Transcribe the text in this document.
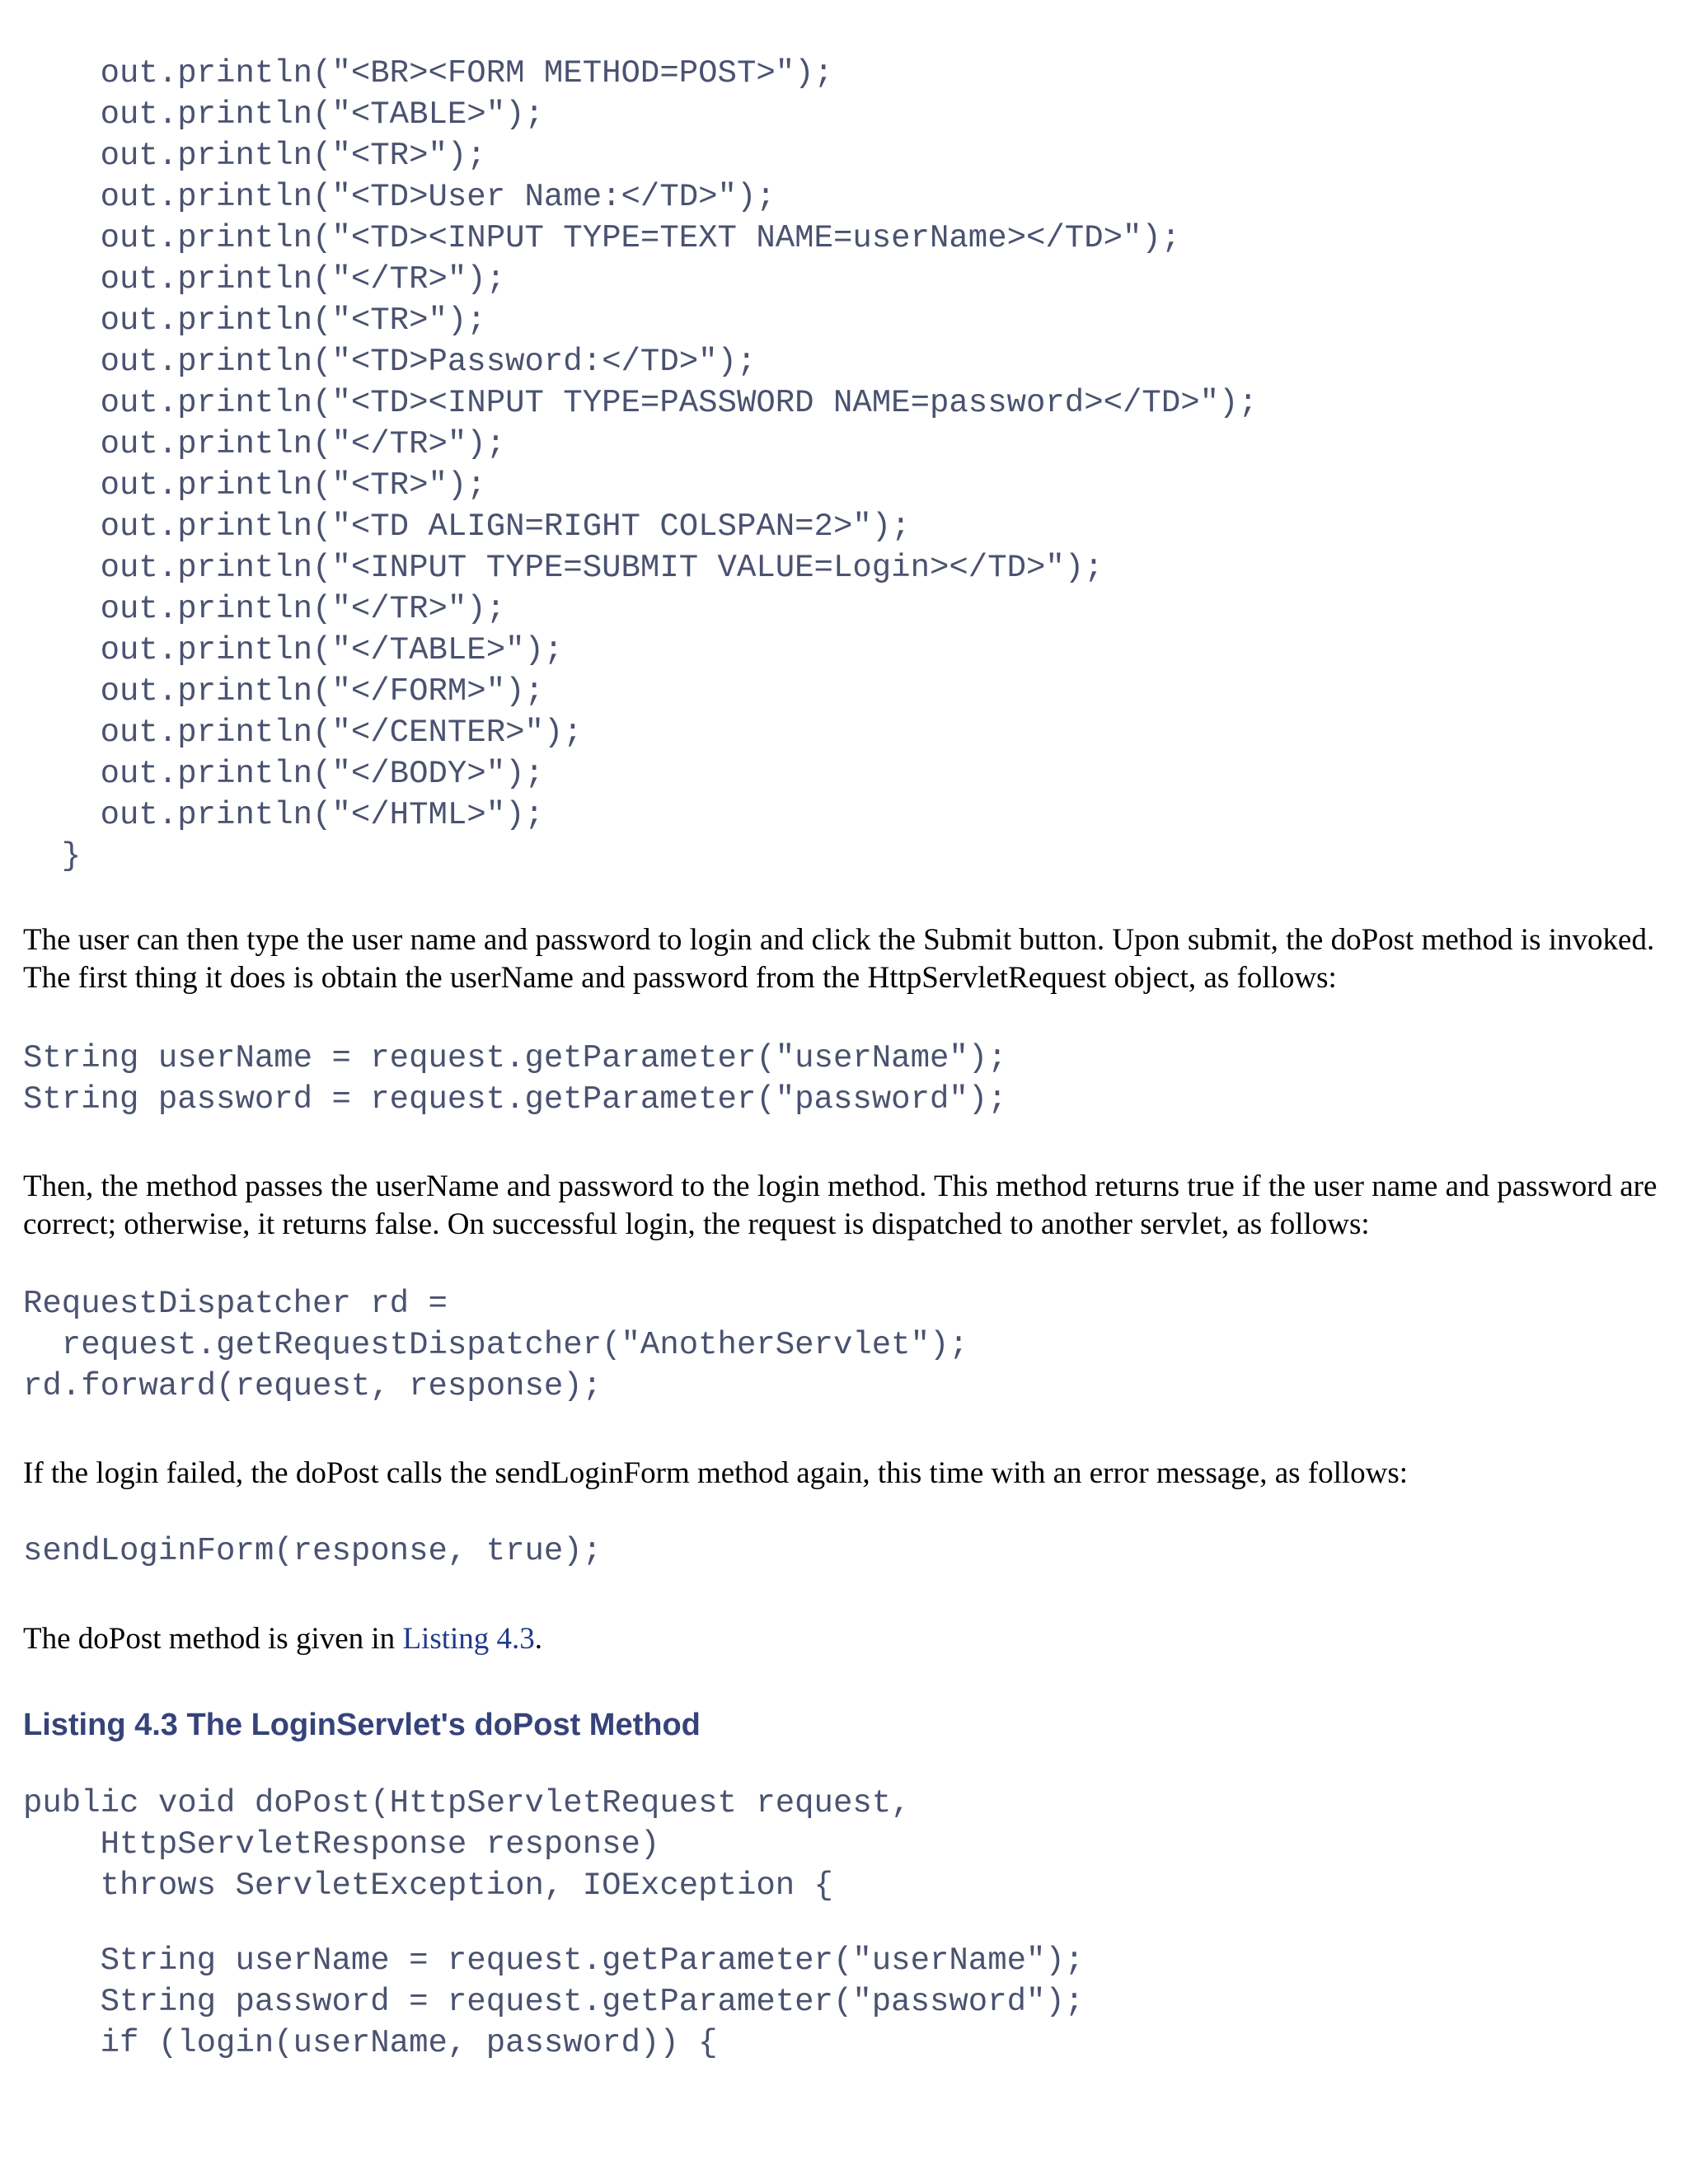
out.println("<BR><FORM METHOD=POST>");
out.println("<TABLE>");
out.println("<TR>");
out.println("<TD>User Name:</TD>");
out.println("<TD><INPUT TYPE=TEXT NAME=userName></TD>");
out.println("</TR>");
out.println("<TR>");
out.println("<TD>Password:</TD>");
out.println("<TD><INPUT TYPE=PASSWORD NAME=password></TD>");
out.println("</TR>");
out.println("<TR>");
out.println("<TD ALIGN=RIGHT COLSPAN=2>");
out.println("<INPUT TYPE=SUBMIT VALUE=Login></TD>");
out.println("</TR>");
out.println("</TABLE>");
out.println("</FORM>");
out.println("</CENTER>");
out.println("</BODY>");
out.println("</HTML>");
}

The user can then type the user name and password to login and click the Submit button. Upon submit, the doPost method is invoked. The first thing it does is obtain the userName and password from the HttpServletRequest object, as follows:

String userName = request.getParameter("userName");
String password = request.getParameter("password");

Then, the method passes the userName and password to the login method. This method returns true if the user name and password are correct; otherwise, it returns false. On successful login, the request is dispatched to another servlet, as follows:

RequestDispatcher rd =
request.getRequestDispatcher("AnotherServlet");
rd.forward(request, response);

If the login failed, the doPost calls the sendLoginForm method again, this time with an error message, as follows:

sendLoginForm(response, true);

The doPost method is given in Listing 4.3.

Listing 4.3 The LoginServlet's doPost Method
public void doPost(HttpServletRequest request,
HttpServletResponse response)
throws ServletException, IOException {
String userName = request.getParameter("userName");
String password = request.getParameter("password");
if (login(userName, password)) {
